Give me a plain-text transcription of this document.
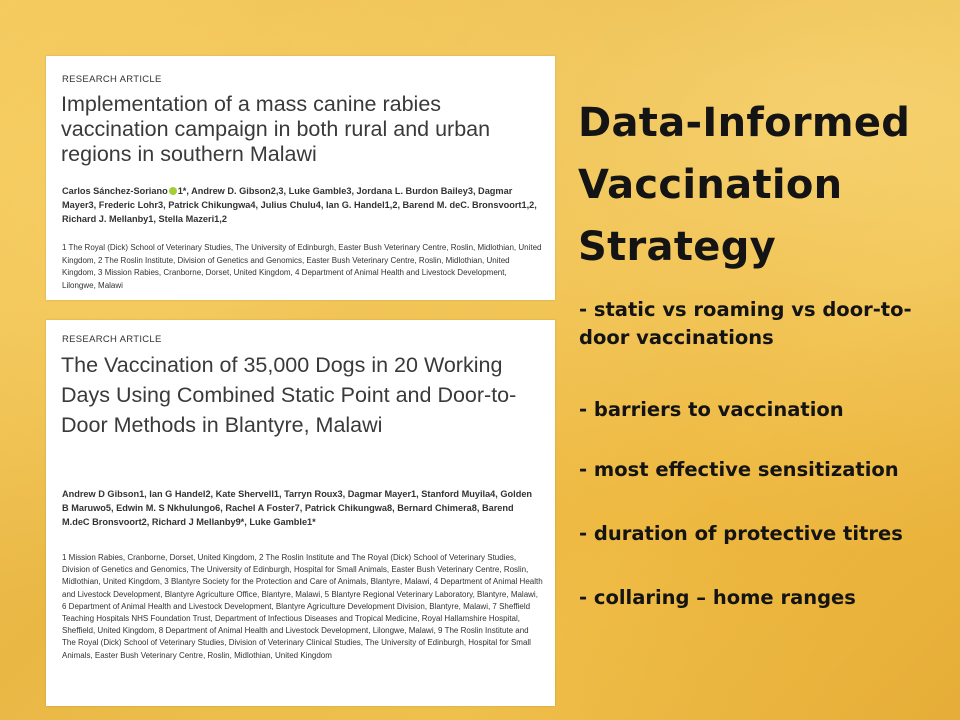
RESEARCH ARTICLE
Implementation of a mass canine rabies vaccination campaign in both rural and urban regions in southern Malawi

Carlos Sánchez-Soriano 1*, Andrew D. Gibson2,3, Luke Gamble3, Jordana L. Burdon Bailey3, Dagmar Mayer3, Frederic Lohr3, Patrick Chikungwa4, Julius Chulu4, Ian G. Handel1,2, Barend M. deC. Bronsvoort1,2, Richard J. Mellanby1, Stella Mazeri1,2

1 The Royal (Dick) School of Veterinary Studies, The University of Edinburgh, Easter Bush Veterinary Centre, Roslin, Midlothian, United Kingdom, 2 The Roslin Institute, Division of Genetics and Genomics, Easter Bush Veterinary Centre, Roslin, Midlothian, United Kingdom, 3 Mission Rabies, Cranborne, Dorset, United Kingdom, 4 Department of Animal Health and Livestock Development, Lilongwe, Malawi

RESEARCH ARTICLE
The Vaccination of 35,000 Dogs in 20 Working Days Using Combined Static Point and Door-to-Door Methods in Blantyre, Malawi

Andrew D Gibson1, Ian G Handel2, Kate Shervell1, Tarryn Roux3, Dagmar Mayer1, Stanford Muyila4, Golden B Maruwo5, Edwin M. S Nkhulungo6, Rachel A Foster7, Patrick Chikungwa8, Bernard Chimera8, Barend M.deC Bronsvoort2, Richard J Mellanby9*, Luke Gamble1*

1 Mission Rabies, Cranborne, Dorset, United Kingdom, 2 The Roslin Institute and The Royal (Dick) School of Veterinary Studies, Division of Genetics and Genomics, The University of Edinburgh, Hospital for Small Animals, Easter Bush Veterinary Centre, Roslin, Midlothian, United Kingdom, 3 Blantyre Society for the Protection and Care of Animals, Blantyre, Malawi, 4 Department of Animal Health and Livestock Development, Blantyre Agriculture Office, Blantyre, Malawi, 5 Blantyre Regional Veterinary Laboratory, Blantyre, Malawi, 6 Department of Animal Health and Livestock Development, Blantyre Agriculture Development Division, Blantyre, Malawi, 7 Sheffield Teaching Hospitals NHS Foundation Trust, Department of Infectious Diseases and Tropical Medicine, Royal Hallamshire Hospital, Sheffield, United Kingdom, 8 Department of Animal Health and Livestock Development, Lilongwe, Malawi, 9 The Roslin Institute and The Royal (Dick) School of Veterinary Studies, Division of Veterinary Clinical Studies, The University of Edinburgh, Hospital for Small Animals, Easter Bush Veterinary Centre, Roslin, Midlothian, United Kingdom

Data-Informed
Vaccination
Strategy
- static vs roaming vs door-to-
door vaccinations
- barriers to vaccination
- most effective sensitization
- duration of protective titres
- collaring – home ranges
